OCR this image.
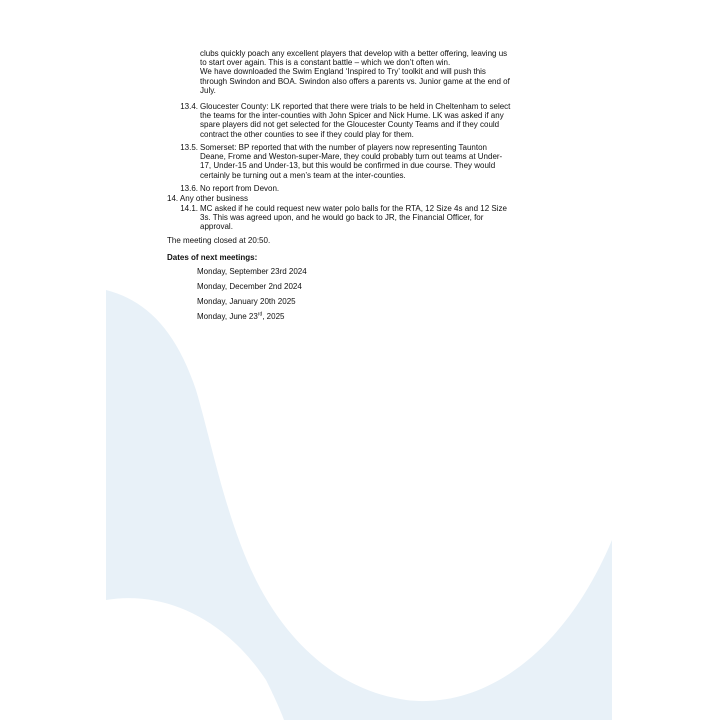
clubs quickly poach any excellent players that develop with a better offering, leaving us
to start over again. This is a constant battle – which we don’t often win.
We have downloaded the Swim England ‘Inspired to Try’ toolkit and will push this
through Swindon and BOA. Swindon also offers a parents vs. Junior game at the end of
July.
13.4. Gloucester County: LK reported that there were trials to be held in Cheltenham to select
the teams for the inter-counties with John Spicer and Nick Hume. LK was asked if any
spare players did not get selected for the Gloucester County Teams and if they could
contract the other counties to see if they could play for them.
13.5. Somerset: BP reported that with the number of players now representing Taunton
Deane, Frome and Weston-super-Mare, they could probably turn out teams at Under-
17, Under-15 and Under-13, but this would be confirmed in due course. They would
certainly be turning out a men’s team at the inter-counties.
13.6. No report from Devon.
14. Any other business
14.1. MC asked if he could request new water polo balls for the RTA, 12 Size 4s and 12 Size
3s. This was agreed upon, and he would go back to JR, the Financial Officer, for
approval.
The meeting closed at 20:50.
Dates of next meetings:
Monday, September 23rd 2024
Monday, December 2nd 2024
Monday, January 20th 2025
Monday, June 23rd, 2025
